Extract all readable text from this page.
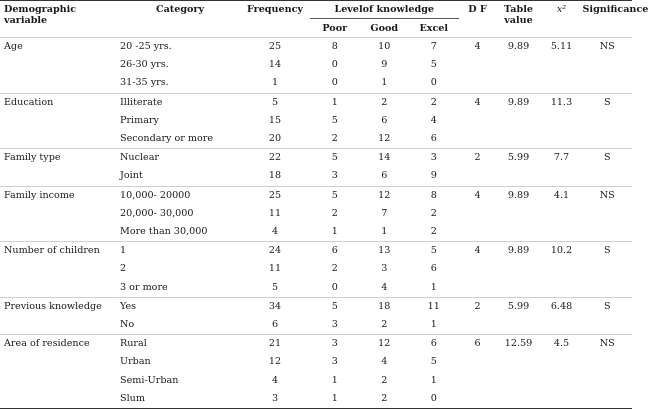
Demographic variable	Category	Frequency	Levelof knowledge			D F	Table value	x²	Significance
			Poor	Good	Excel				
Age	20 -25 yrs.	25	8	10	7	4	9.89	5.11	NS
	26-30 yrs.	14	0	9	5				
	31-35 yrs.	1	0	1	0				
Education	Illiterate	5	1	2	2	4	9.89	11.3	S
	Primary	15	5	6	4				
	Secondary or more	20	2	12	6				
Family type	Nuclear	22	5	14	3	2	5.99	7.7	S
	Joint	18	3	6	9				
Family income	10,000- 20000	25	5	12	8	4	9.89	4.1	NS
	20,000- 30,000	11	2	7	2				
	More than 30,000	4	1	1	2				
Number of children	1	24	6	13	5	4	9.89	10.2	S
	2	11	2	3	6				
	3 or more	5	0	4	1				
Previous knowledge	Yes	34	5	18	11	2	5.99	6.48	S
	No	6	3	2	1				
Area of residence	Rural	21	3	12	6	6	12.59	4.5	NS
	Urban	12	3	4	5				
	Semi-Urban	4	1	2	1				
	Slum	3	1	2	0				
